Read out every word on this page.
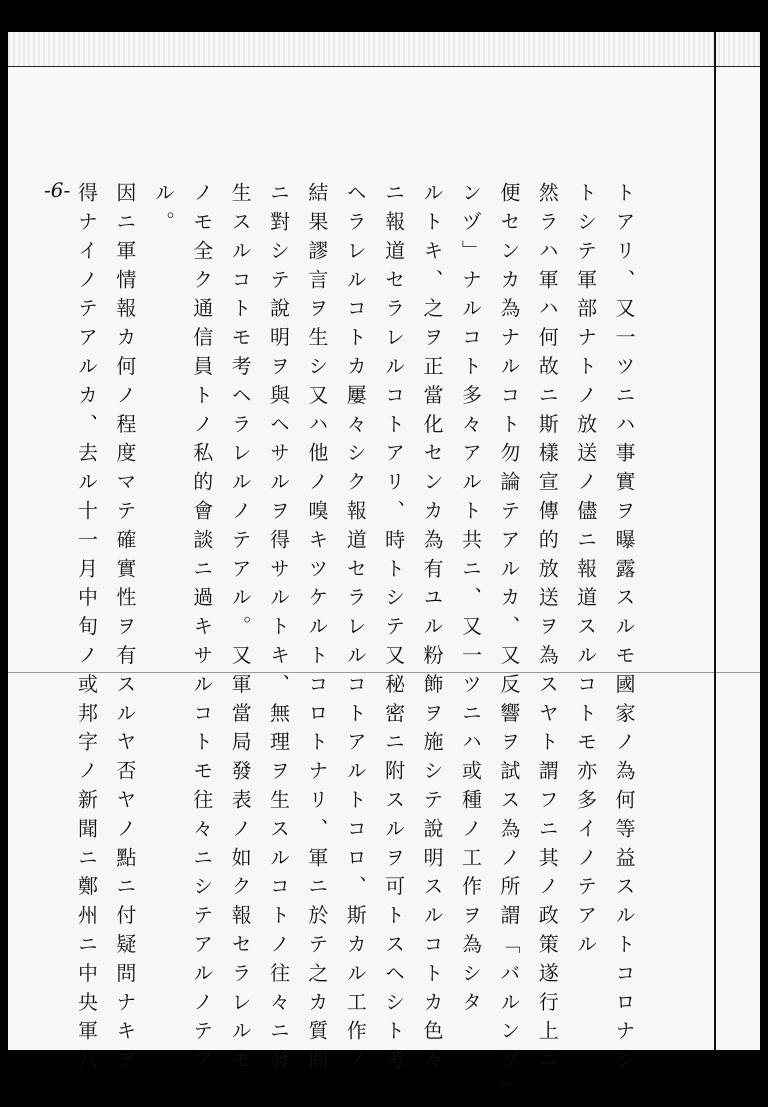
-6-	トアリ、又一ツニハ事實ヲ曝露スルモ國家ノ為何等益スルトコロナシ
トシテ軍部ナトノ放送ノ儘ニ報道スルコトモ亦多イノテアル
然ラハ軍ハ何故ニ斯樣宣傳的放送ヲ為スヤト謂フニ其ノ政策遂行上ニ
便センカ為ナルコト勿論テアルカ、又反響ヲ試ス為ノ所謂「バルンゾ」
ンヅ」ナルコト多々アルト共ニ、又一ツニハ或種ノ工作ヲ為シタ
ルトキ、之ヲ正當化センカ為有ユル粉飾ヲ施シテ說明スルコトカ色々
ニ報道セラレルコトアリ、時トシテ又秘密ニ附スルヲ可トスヘシト考
ヘラレルコトカ屢々シク報道セラレルコトアルトコロ、斯カル工作ノ
結果謬言ヲ生シ又ハ他ノ嗅キツケルトコロトナリ、軍ニ於テ之カ質問
ニ對シテ說明ヲ與ヘサルヲ得サルトキ、無理ヲ生スルコトノ往々ニ發
生スルコトモ考ヘラレルノテアル。又軍當局發表ノ如ク報セラレルモ
ノモ全ク通信員トノ私的會談ニ過キサルコトモ往々ニシテアルノテア
ル。
因ニ軍情報カ何ノ程度マテ確實性ヲ有スルヤ否ヤノ點ニ付疑問ナキヲ
得ナイノテアルカ、去ル十一月中旬ノ或邦字ノ新聞ニ鄭州ニ中央軍八
